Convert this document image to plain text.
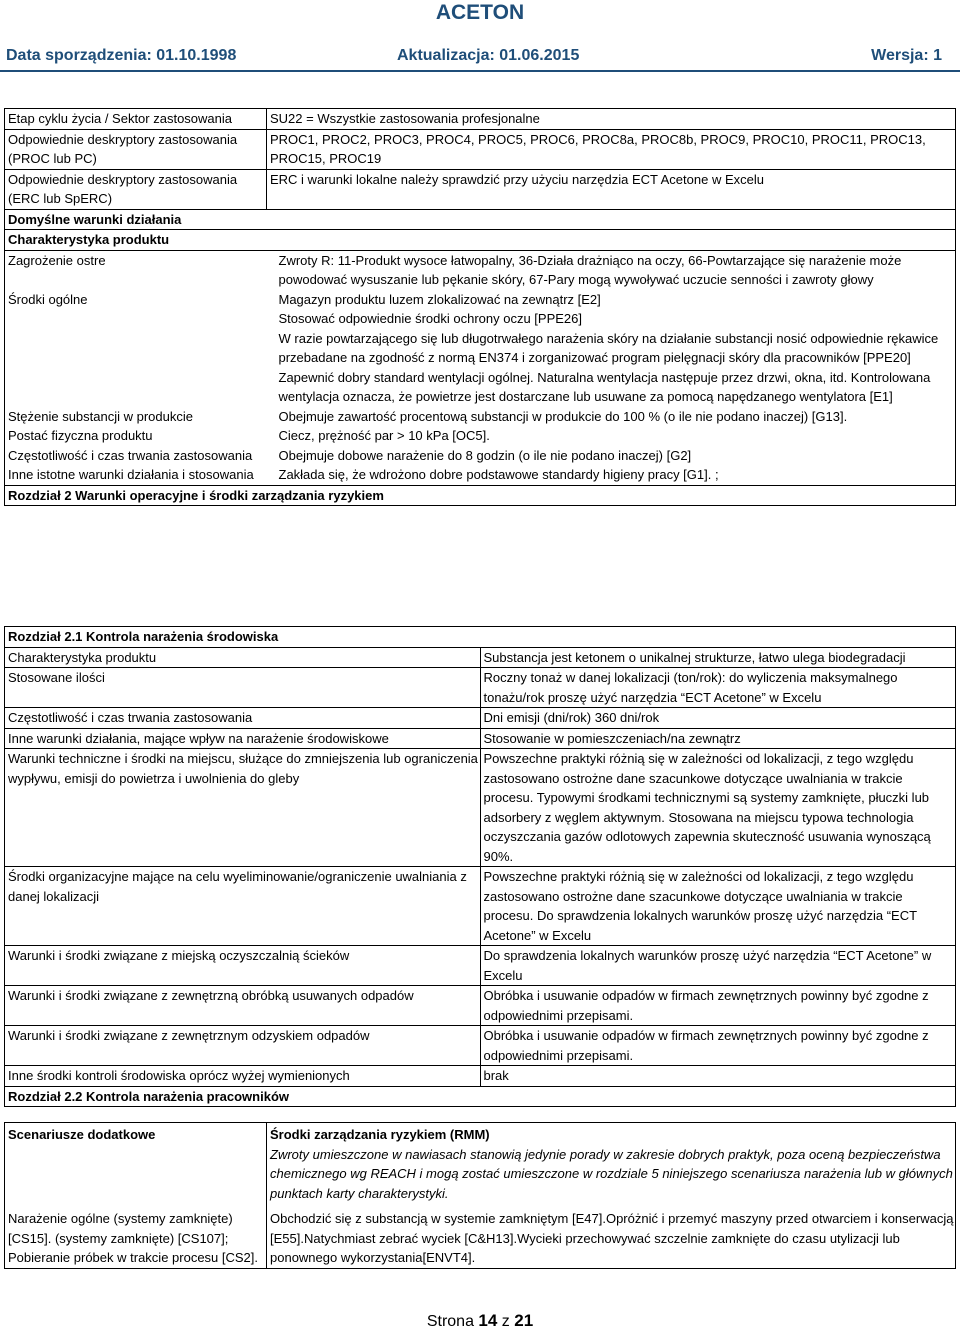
ACETON
Data sporządzenia: 01.10.1998	Aktualizacja: 01.06.2015	Wersja: 1
Etap cyklu życia / Sektor zastosowania	SU22 = Wszystkie zastosowania profesjonalne
Odpowiednie deskryptory zastosowania (PROC lub PC)	PROC1, PROC2, PROC3, PROC4, PROC5, PROC6, PROC8a, PROC8b, PROC9, PROC10, PROC11, PROC13, PROC15, PROC19
Odpowiednie deskryptory zastosowania (ERC lub SpERC)	ERC i warunki lokalne należy sprawdzić przy użyciu narzędzia ECT Acetone w Excelu
Domyślne warunki działania	
Charakterystyka produktu	
Zagrożenie ostre	Zwroty R: 11-Produkt wysoce łatwopalny, 36-Działa drażniąco na oczy, 66-Powtarzające się narażenie może powodować wysuszanie lub pękanie skóry, 67-Pary mogą wywoływać uczucie senności i zawroty głowy
Środki ogólne	Magazyn produktu luzem zlokalizować na zewnątrz [E2]
Stosować odpowiednie środki ochrony oczu [PPE26]
W razie powtarzającego się lub długotrwałego narażenia skóry na działanie substancji nosić odpowiednie rękawice przebadane na zgodność z normą EN374 i zorganizować program pielęgnacji skóry dla pracowników [PPE20]
Zapewnić dobry standard wentylacji ogólnej. Naturalna wentylacja następuje przez drzwi, okna, itd. Kontrolowana wentylacja oznacza, że powietrze jest dostarczane lub usuwane za pomocą napędzanego wentylatora [E1]

Stężenie substancji w produkcie	Obejmuje zawartość procentową substancji w produkcie do 100 % (o ile nie podano inaczej) [G13].
Postać fizyczna produktu	Ciecz, prężność par > 10 kPa [OC5].
Częstotliwość i czas trwania zastosowania	Obejmuje dobowe narażenie do 8 godzin (o ile nie podano inaczej) [G2]
Inne istotne warunki działania i stosowania	Zakłada się, że wdrożono dobre podstawowe standardy higieny pracy [G1]. ;
Rozdział 2 Warunki operacyjne i środki zarządzania ryzykiem	
Rozdział 2.1 Kontrola narażenia środowiska	
Charakterystyka produktu	Substancja jest ketonem o unikalnej strukturze, łatwo ulega biodegradacji
Stosowane ilości	Roczny tonaż w danej lokalizacji (ton/rok): do wyliczenia maksymalnego tonażu/rok proszę użyć narzędzia “ECT Acetone” w Excelu
Częstotliwość i czas trwania zastosowania	Dni emisji (dni/rok) 360 dni/rok
Inne warunki działania, mające wpływ na narażenie środowiskowe	Stosowanie w pomieszczeniach/na zewnątrz
Warunki techniczne i środki na miejscu, służące do zmniejszenia lub ograniczenia wypływu, emisji do powietrza i uwolnienia do gleby	Powszechne praktyki różnią się w zależności od lokalizacji, z tego względu zastosowano ostrożne dane szacunkowe dotyczące uwalniania w trakcie procesu. Typowymi środkami technicznymi są systemy zamknięte, płuczki lub adsorbery z węglem aktywnym. Stosowana na miejscu typowa technologia oczyszczania gazów odlotowych zapewnia skuteczność usuwania wynoszącą 90%.
Środki organizacyjne mające na celu wyeliminowanie/ograniczenie uwalniania z danej lokalizacji	Powszechne praktyki różnią się w zależności od lokalizacji, z tego względu zastosowano ostrożne dane szacunkowe dotyczące uwalniania w trakcie procesu. Do sprawdzenia lokalnych warunków proszę użyć narzędzia “ECT Acetone” w Excelu
Warunki i środki związane z miejską oczyszczalnią ścieków	Do sprawdzenia lokalnych warunków proszę użyć narzędzia “ECT Acetone” w Excelu
Warunki i środki związane z zewnętrzną obróbką usuwanych odpadów	Obróbka i usuwanie odpadów w firmach zewnętrznych powinny być zgodne z odpowiednimi przepisami.
Warunki i środki związane z zewnętrznym odzyskiem odpadów	Obróbka i usuwanie odpadów w firmach zewnętrznych powinny być zgodne z odpowiednimi przepisami.
Inne środki kontroli środowiska oprócz wyżej wymienionych	brak
Rozdział 2.2 Kontrola narażenia pracowników	
Scenariusze dodatkowe	Środki zarządzania ryzykiem (RMM)
Zwroty umieszczone w nawiasach stanowią jedynie porady w zakresie dobrych praktyk, poza oceną bezpieczeństwa chemicznego wg REACH i mogą zostać umieszczone w rozdziale 5 niniejszego scenariusza narażenia lub w głównych punktach karty charakterystyki.

Narażenie ogólne (systemy zamknięte) [CS15]. (systemy zamknięte) [CS107]; Pobieranie próbek w trakcie procesu [CS2].	Obchodzić się z substancją w systemie zamkniętym [E47].Opróżnić i przemyć maszyny przed otwarciem i konserwacją [E55].Natychmiast zebrać wyciek [C&H13].Wycieki przechowywać szczelnie zamknięte do czasu utylizacji lub ponownego wykorzystania[ENVT4].
Strona 14 z 21
